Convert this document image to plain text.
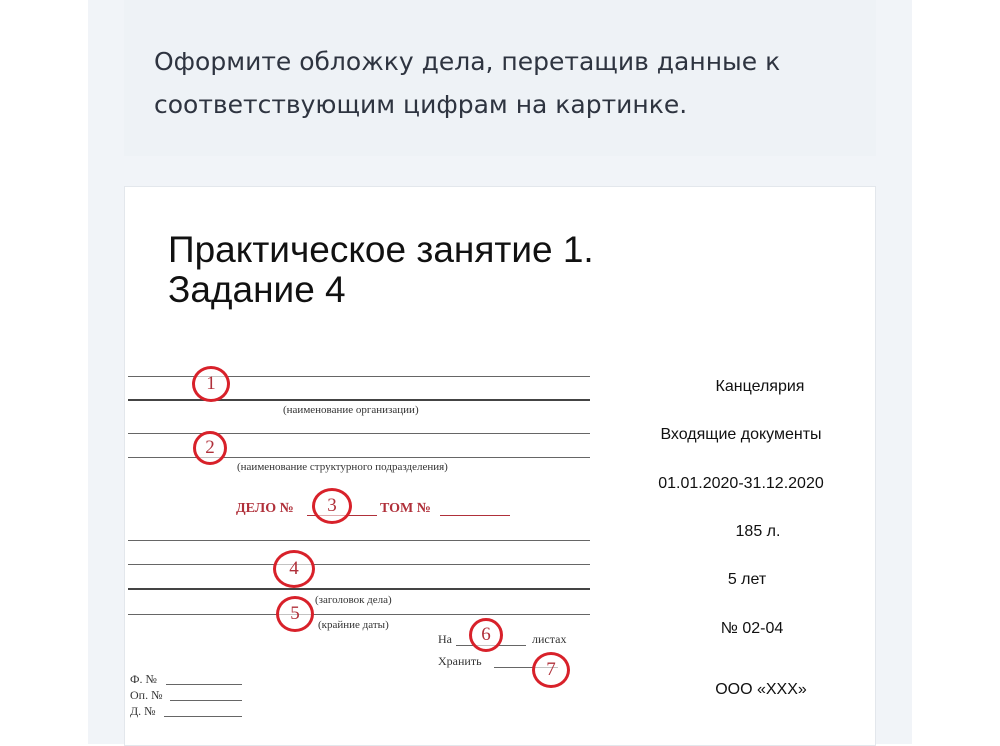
Оформите обложку дела, перетащив данные к
соответствующим цифрам на картинке.
Практическое занятие 1.
Задание 4
(наименование организации)
(наименование структурного подразделения)
ДЕЛО №	ТОМ №
(заголовок дела)
(крайние даты)
На	листах
Хранить
Ф. №
Оп. №
Д. №
1
2
3
4
5
6
7
Канцелярия
Входящие документы
01.01.2020-31.12.2020
185 л.
5 лет
№ 02-04
ООО «ХХХ»
